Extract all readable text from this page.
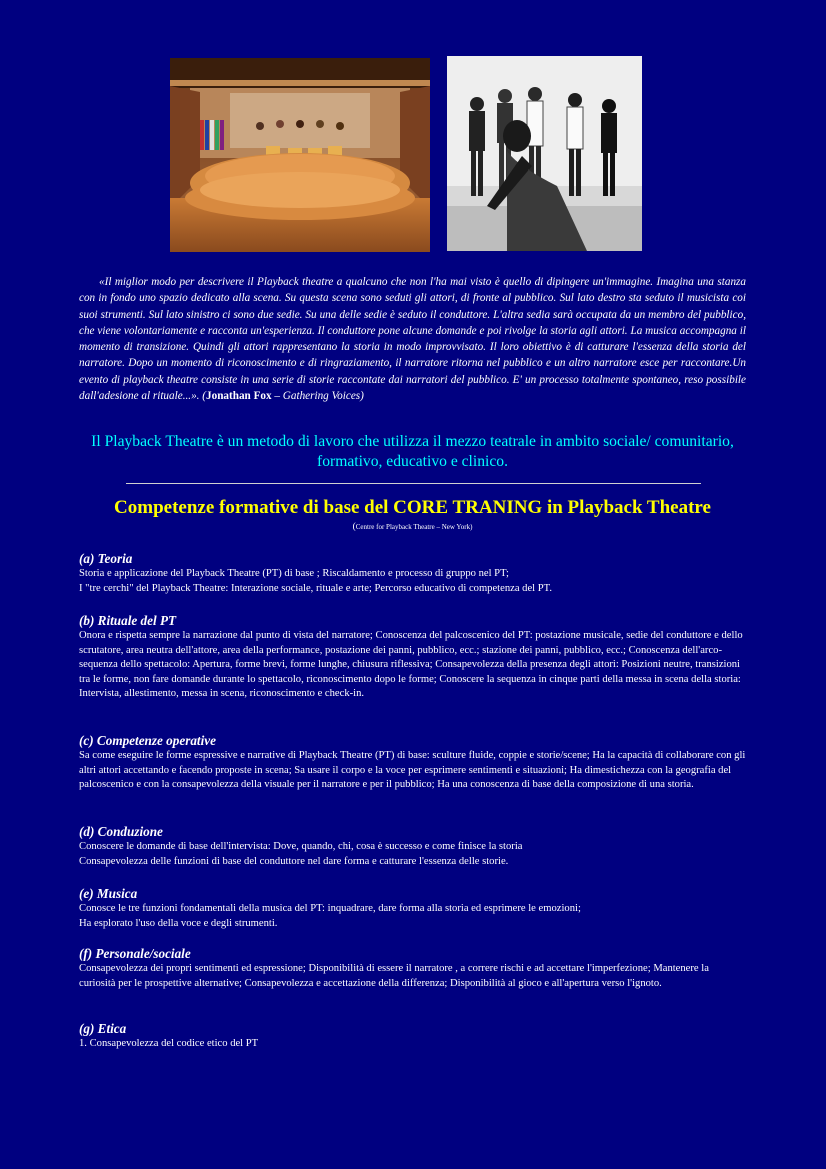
«Il miglior modo per descrivere il Playback theatre a qualcuno che non l'ha mai visto è quello di dipingere un'immagine. Imagina una stanza con in fondo uno spazio dedicato alla scena. Su questa scena sono seduti gli attori, di fronte al pubblico. Sul lato destro sta seduto il musicista coi suoi strumenti. Sul lato sinistro ci sono due sedie. Su una delle sedie è seduto il conduttore. L'altra sedia sarà occupata da un membro del pubblico, che viene volontariamente e racconta un'esperienza. Il conduttore pone alcune domande e poi rivolge la storia agli attori. La musica accompagna il momento di transizione. Quindi gli attori rappresentano la storia in modo improvvisato. Il loro obiettivo è di catturare l'essenza della storia del narratore. Dopo un momento di riconoscimento e di ringraziamento, il narratore ritorna nel pubblico e un altro narratore esce per raccontare.Un evento di playback theatre consiste in una serie di storie raccontate dai narratori del pubblico. E' un processo totalmente spontaneo, reso possibile dall'adesione al rituale...». (Jonathan Fox – Gathering Voices)

Il Playback Theatre è un metodo di lavoro che utilizza il mezzo teatrale in ambito sociale/ comunitario, formativo, educativo e clinico.
Competenze formative di base del CORE TRANING in Playback Theatre
(Centre for Playback Theatre – New York)
(a) Teoria

Storia e applicazione del Playback Theatre (PT) di base ; Riscaldamento e processo di gruppo nel PT;

I "tre cerchi" del Playback Theatre: Interazione sociale, rituale e arte; Percorso educativo di competenza del PT.

(b) Rituale del PT

Onora e rispetta sempre la narrazione dal punto di vista del narratore; Conoscenza del palcoscenico del PT: postazione musicale, sedie del conduttore e dello scrutatore, area neutra dell'attore, area della performance, postazione dei panni, pubblico, ecc.; stazione dei panni, pubblico, ecc.; Conoscenza dell'arco-sequenza dello spettacolo: Apertura, forme brevi, forme lunghe, chiusura riflessiva; Consapevolezza della presenza degli attori: Posizioni neutre, transizioni tra le forme, non fare domande durante lo spettacolo, riconoscimento dopo le forme; Conoscere la sequenza in cinque parti della messa in scena della storia: Intervista, allestimento, messa in scena, riconoscimento e check-in.

(c) Competenze operative

Sa come eseguire le forme espressive e narrative di Playback Theatre (PT) di base: sculture fluide, coppie e storie/scene; Ha la capacità di collaborare con gli altri attori accettando e facendo proposte in scena; Sa usare il corpo e la voce per esprimere sentimenti e situazioni; Ha dimestichezza con la geografia del palcoscenico e con la consapevolezza della visuale per il narratore e per il pubblico; Ha una conoscenza di base della composizione di una storia.

(d) Conduzione

Conoscere le domande di base dell'intervista: Dove, quando, chi, cosa è successo e come finisce la storia

Consapevolezza delle funzioni di base del conduttore nel dare forma e catturare l'essenza delle storie.

(e) Musica

Conosce le tre funzioni fondamentali della musica del PT: inquadrare, dare forma alla storia ed esprimere le emozioni;

Ha esplorato l'uso della voce e degli strumenti.

(f) Personale/sociale

Consapevolezza dei propri sentimenti ed espressione; Disponibilità di essere il narratore , a correre rischi e ad accettare l'imperfezione; Mantenere la curiosità per le prospettive alternative; Consapevolezza e accettazione della differenza; Disponibilità al gioco e all'apertura verso l'ignoto.

(g) Etica

1. Consapevolezza del codice etico del PT
